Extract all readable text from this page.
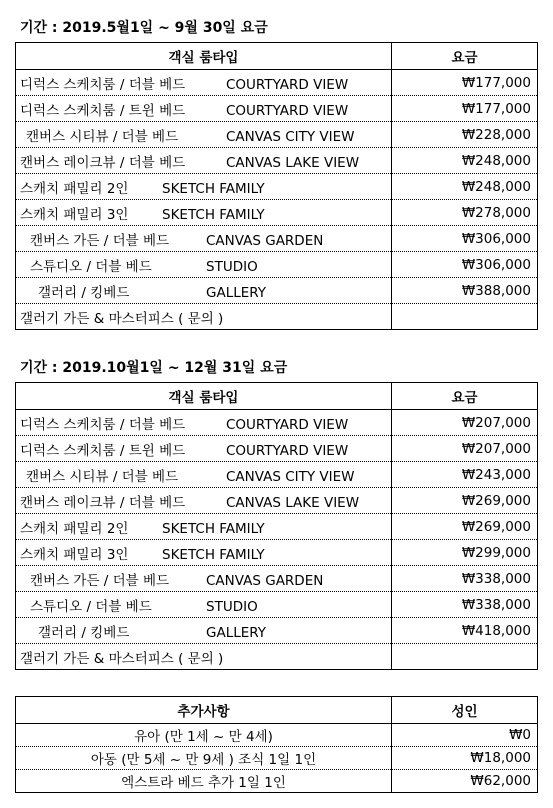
기간 : 2019.5월1일 ~ 9월 30일 요금
객실 룸타입	요금
디럭스 스케치룸 / 더블 베드 COURTYARD VIEW	₩177,000
디럭스 스케치룸 / 트윈 베드 COURTYARD VIEW	₩177,000
캔버스 시티뷰 / 더블 베드 CANVAS CITY VIEW	₩228,000
캔버스 레이크뷰 / 더블 베드 CANVAS LAKE VIEW	₩248,000
스캐치 패밀리 2인 SKETCH FAMILY	₩248,000
스캐치 패밀리 3인 SKETCH FAMILY	₩278,000
캔버스 가든 / 더블 베드 CANVAS GARDEN	₩306,000
스튜디오 / 더블 베드 STUDIO	₩306,000
갤러리 / 킹베드 GALLERY	₩388,000
갤러기 가든 & 마스터피스 ( 문의 )	
기간 : 2019.10월1일 ~ 12월 31일 요금
객실 룸타입	요금
디럭스 스케치룸 / 더블 베드 COURTYARD VIEW	₩207,000
디럭스 스케치룸 / 트윈 베드 COURTYARD VIEW	₩207,000
캔버스 시티뷰 / 더블 베드 CANVAS CITY VIEW	₩243,000
캔버스 레이크뷰 / 더블 베드 CANVAS LAKE VIEW	₩269,000
스캐치 패밀리 2인 SKETCH FAMILY	₩269,000
스캐치 패밀리 3인 SKETCH FAMILY	₩299,000
캔버스 가든 / 더블 베드 CANVAS GARDEN	₩338,000
스튜디오 / 더블 베드 STUDIO	₩338,000
갤러리 / 킹베드 GALLERY	₩418,000
갤러기 가든 & 마스터피스 ( 문의 )	
추가사항	성인
유아 (만 1세 ~ 만 4세)	₩0
아동 (만 5세 ~ 만 9세 ) 조식 1일 1인	₩18,000
엑스트라 베드 추가 1일 1인	₩62,000
